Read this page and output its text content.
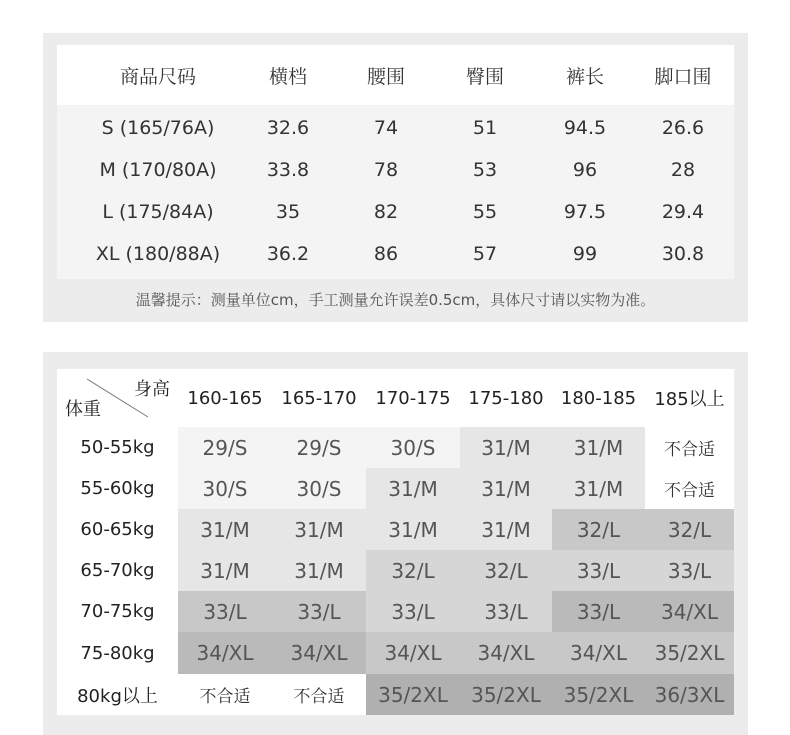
商品尺码	横档	腰围	臀围	裤长	脚口围
S (165/76A)	32.6	74	51	94.5	26.6
M (170/80A)	33.8	78	53	96	28
L (175/84A)	35	82	55	97.5	29.4
XL (180/88A)	36.2	86	57	99	30.8
温馨提示：测量单位cm，手工测量允许误差0.5cm，具体尺寸请以实物为准。
身高
体重
160-165	165-170	170-175 175-180 180-185	185以上
50-55kg	29/S	29/S	30/S	31/M	31/M	不合适
55-60kg	30/S	30/S	31/M	31/M	31/M	不合适
60-65kg	31/M	31/M	31/M	31/M	32/L	32/L
65-70kg	31/M	31/M	32/L	32/L	33/L	33/L
70-75kg	33/L	33/L	33/L	33/L	33/L	34/XL
75-80kg	34/XL	34/XL	34/XL	34/XL	34/XL	35/2XL
80kg以上	不合适	不合适	35/2XL	35/2XL	35/2XL	36/3XL
